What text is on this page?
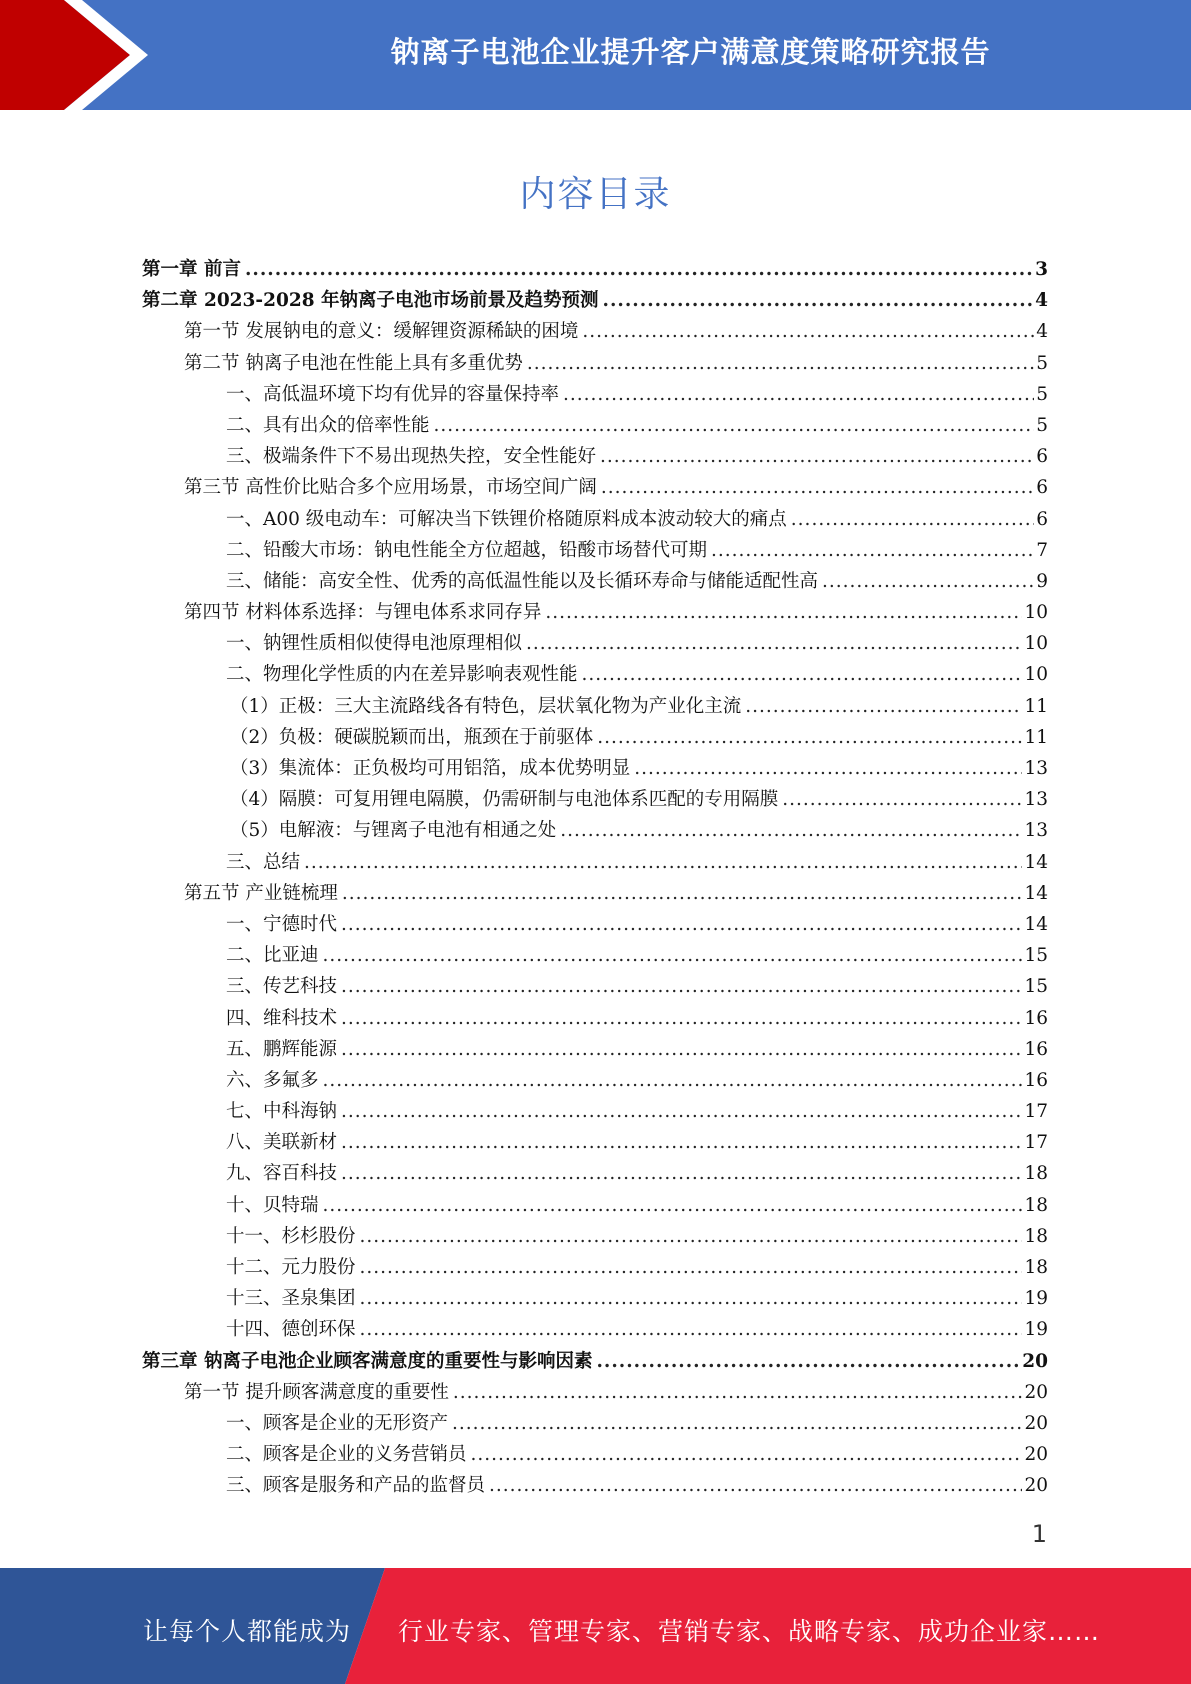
钠离子电池企业提升客户满意度策略研究报告
内容目录
第一章 前言 .....	3
第二章 2023-2028 年钠离子电池市场前景及趋势预测 .....	4
第一节 发展钠电的意义：缓解锂资源稀缺的困境 .....	4
第二节 钠离子电池在性能上具有多重优势 .....	5
一、高低温环境下均有优异的容量保持率 .....	5
二、具有出众的倍率性能 .....	5
三、极端条件下不易出现热失控，安全性能好 .....	6
第三节 高性价比贴合多个应用场景，市场空间广阔 .....	6
一、A00 级电动车：可解决当下铁锂价格随原料成本波动较大的痛点 .....	6
二、铅酸大市场：钠电性能全方位超越，铅酸市场替代可期 .....	7
三、储能：高安全性、优秀的高低温性能以及长循环寿命与储能适配性高 .....	9
第四节 材料体系选择：与锂电体系求同存异 .....	10
一、钠锂性质相似使得电池原理相似 .....	10
二、物理化学性质的内在差异影响表观性能 .....	10
（1）正极：三大主流路线各有特色，层状氧化物为产业化主流 .....	11
（2）负极：硬碳脱颖而出，瓶颈在于前驱体 .....	11
（3）集流体：正负极均可用铝箔，成本优势明显 .....	13
（4）隔膜：可复用锂电隔膜，仍需研制与电池体系匹配的专用隔膜 .....	13
（5）电解液：与锂离子电池有相通之处 .....	13
三、总结 .....	14
第五节 产业链梳理 .....	14
一、宁德时代 .....	14
二、比亚迪 .....	15
三、传艺科技 .....	15
四、维科技术 .....	16
五、鹏辉能源 .....	16
六、多氟多 .....	16
七、中科海钠 .....	17
八、美联新材 .....	17
九、容百科技 .....	18
十、贝特瑞 .....	18
十一、杉杉股份 .....	18
十二、元力股份 .....	18
十三、圣泉集团 .....	19
十四、德创环保 .....	19
第三章 钠离子电池企业顾客满意度的重要性与影响因素 .....	20
第一节 提升顾客满意度的重要性 .....	20
一、顾客是企业的无形资产 .....	20
二、顾客是企业的义务营销员 .....	20
三、顾客是服务和产品的监督员 .....	20
1
让每个人都能成为 行业专家、管理专家、营销专家、战略专家、成功企业家……
